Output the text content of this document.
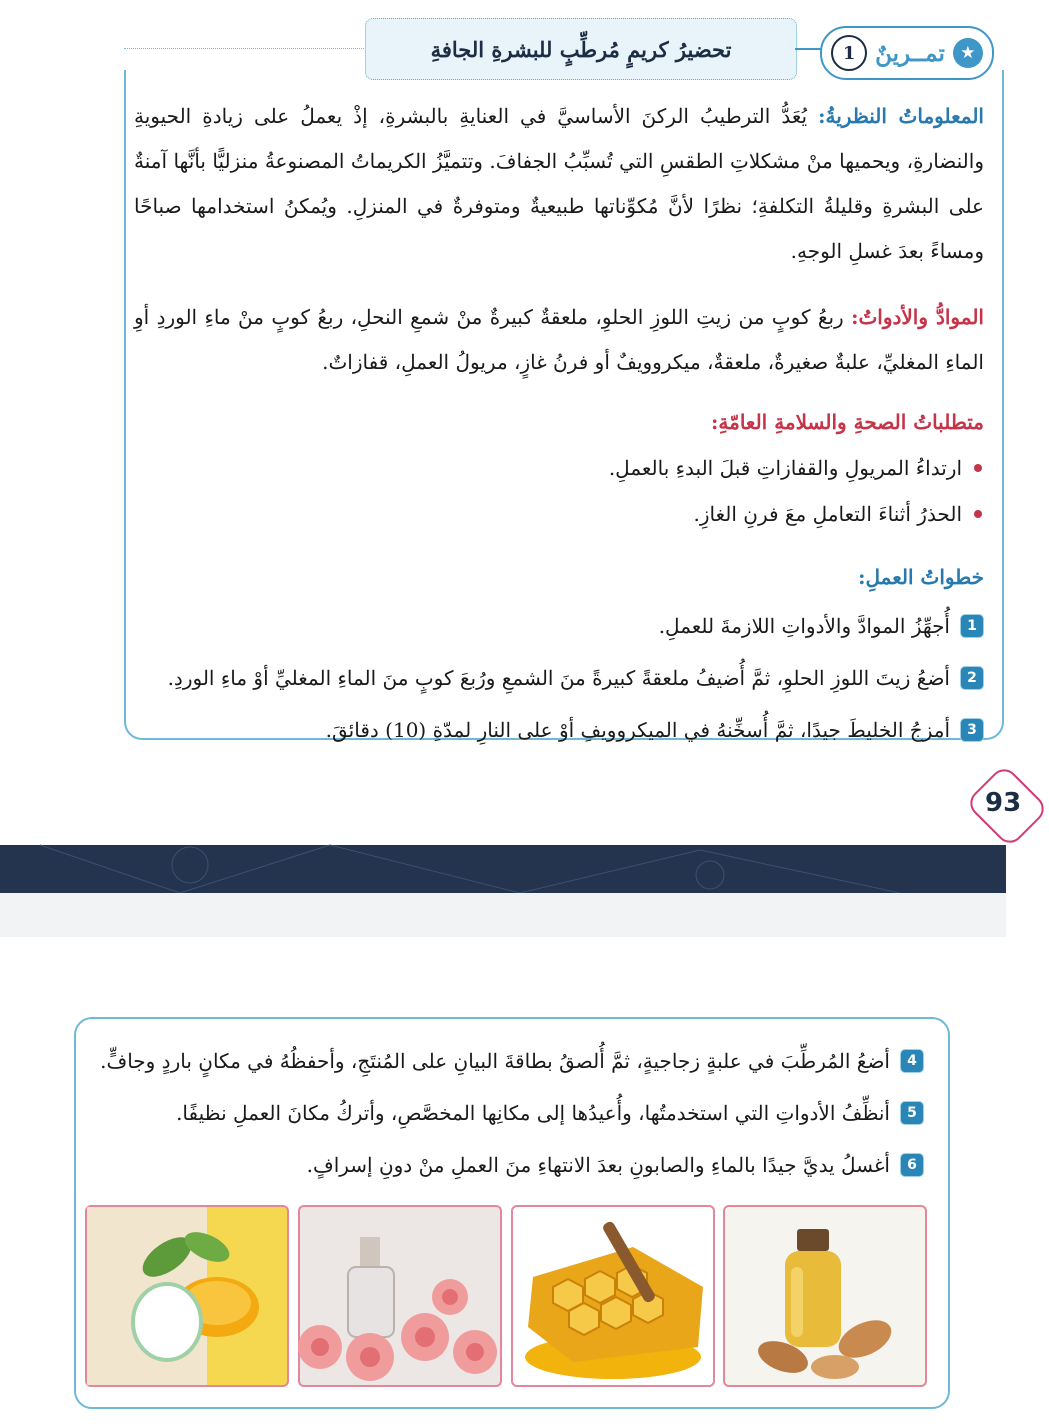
تحضيرُ كريمٍ مُرطِّبٍ للبشرةِ الجافةِ	★
تمــرينٌ
1
المعلوماتُ النظريةُ: يُعَدُّ الترطيبُ الركنَ الأساسيَّ في العنايةِ بالبشرةِ، إذْ يعملُ على زيادةِ الحيويةِ والنضارةِ، ويحميها منْ مشكلاتِ الطقسِ التي تُسبِّبُ الجفافَ. وتتميَّزُ الكريماتُ المصنوعةُ منزليًّا بأنَّها آمنةٌ على البشرةِ وقليلةُ التكلفةِ؛ نظرًا لأنَّ مُكوِّناتها طبيعيةٌ ومتوفرةٌ في المنزلِ. ويُمكنُ استخدامها صباحًا ومساءً بعدَ غسلِ الوجهِ.
الموادُّ والأدواتُ: ربعُ كوبٍ من زيتِ اللوزِ الحلوِ، ملعقةٌ كبيرةٌ منْ شمعِ النحلِ، ربعُ كوبٍ منْ ماءِ الوردِ أوِ الماءِ المغليِّ، علبةٌ صغيرةٌ، ملعقةٌ، ميكروويفٌ أو فرنُ غازٍ، مريولُ العملِ، قفازاتٌ.
متطلباتُ الصحةِ والسلامةِ العامّةِ:
ارتداءُ المريولِ والقفازاتِ قبلَ البدءِ بالعملِ.
الحذرُ أثناءَ التعاملِ معَ فرنِ الغازِ.
خطواتُ العملِ:
1
أُجهِّزُ الموادَّ والأدواتِ اللازمةَ للعملِ.
2
أضعُ زيتَ اللوزِ الحلوِ، ثمَّ أُضيفُ ملعقةً كبيرةً منَ الشمعِ ورُبعَ كوبٍ منَ الماءِ المغليِّ أوْ ماءِ الوردِ.
3
أمزجُ الخليطَ جيدًا، ثمَّ أُسخِّنهُ في الميكروويفِ أوْ على النارِ لمدّةِ (10) دقائقَ.
93
4
أضعُ المُرطِّبَ في علبةٍ زجاجيةٍ، ثمَّ أُلصقُ بطاقةَ البيانِ على المُنتَجِ، وأحفظُهُ في مكانٍ باردٍ وجافٍّ.
5
أنظِّفُ الأدواتِ التي استخدمتُها، وأُعيدُها إلى مكانِها المخصَّصِ، وأتركُ مكانَ العملِ نظيفًا.
6
أغسلُ يديَّ جيدًا بالماءِ والصابونِ بعدَ الانتهاءِ منَ العملِ منْ دونِ إسرافٍ.
